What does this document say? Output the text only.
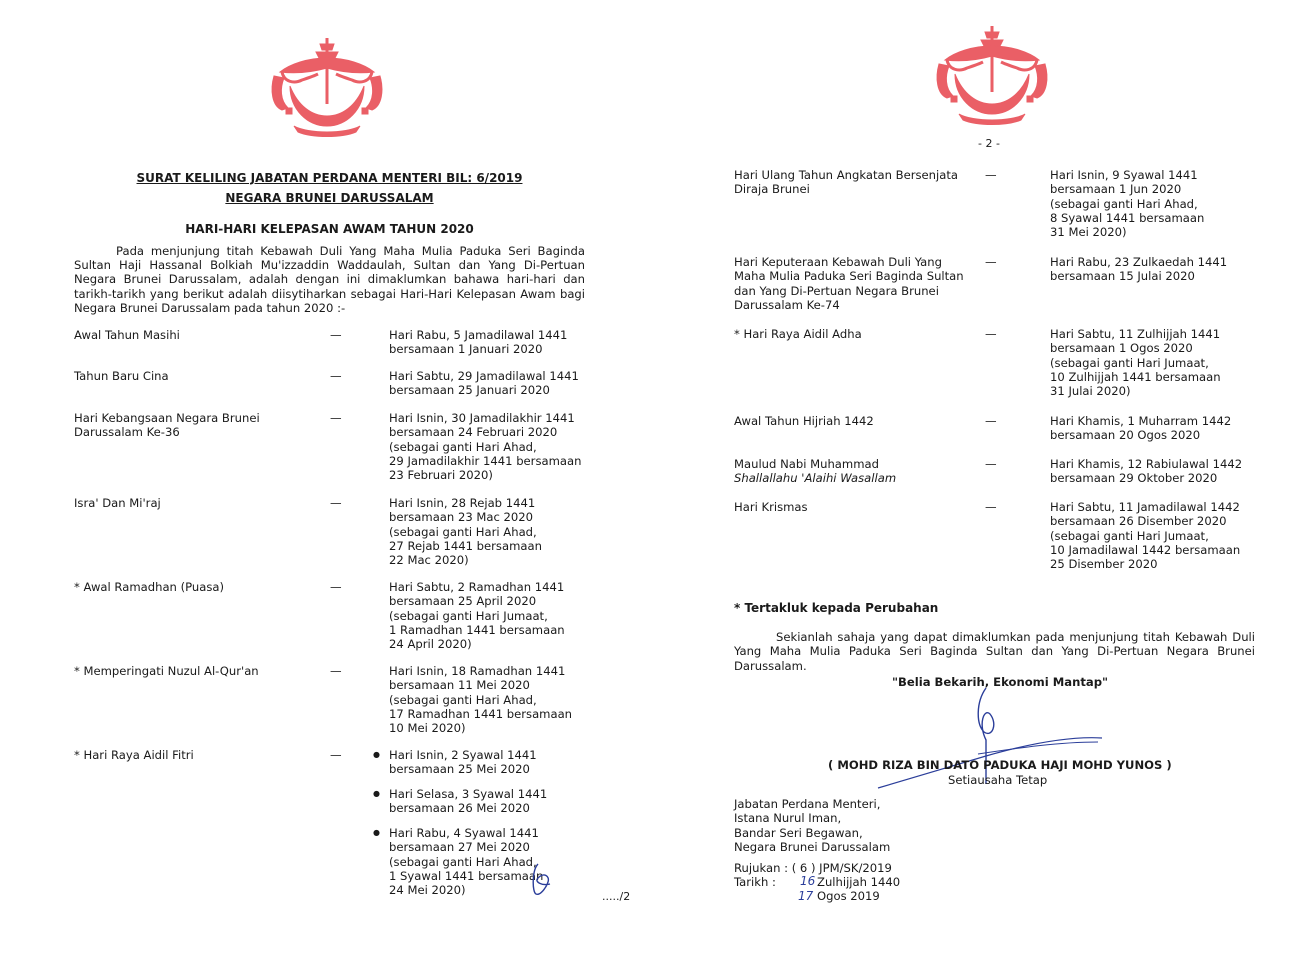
SURAT KELILING JABATAN PERDANA MENTERI BIL: 6/2019
NEGARA BRUNEI DARUSSALAM
HARI-HARI KELEPASAN AWAM TAHUN 2020
Pada menjunjung titah Kebawah Duli Yang Maha Mulia Paduka Seri Baginda Sultan Haji Hassanal Bolkiah Mu'izzaddin Waddaulah, Sultan dan Yang Di-Pertuan Negara Brunei Darussalam, adalah dengan ini dimaklumkan bahawa hari-hari dan tarikh-tarikh yang berikut adalah diisytiharkan sebagai Hari-Hari Kelepasan Awam bagi Negara Brunei Darussalam pada tahun 2020 :-
Awal Tahun Masihi	—	Hari Rabu, 5 Jamadilawal 1441
bersamaan 1 Januari 2020
Tahun Baru Cina	—	Hari Sabtu, 29 Jamadilawal 1441
bersamaan 25 Januari 2020
Hari Kebangsaan Negara Brunei
Darussalam Ke-36
—	Hari Isnin, 30 Jamadilakhir 1441
bersamaan 24 Februari 2020
(sebagai ganti Hari Ahad,
29 Jamadilakhir 1441 bersamaan
23 Februari 2020)
Isra' Dan Mi'raj	—	Hari Isnin, 28 Rejab 1441
bersamaan 23 Mac 2020
(sebagai ganti Hari Ahad,
27 Rejab 1441 bersamaan
22 Mac 2020)
* Awal Ramadhan (Puasa)	—	Hari Sabtu, 2 Ramadhan 1441
bersamaan 25 April 2020
(sebagai ganti Hari Jumaat,
1 Ramadhan 1441 bersamaan
24 April 2020)
* Memperingati Nuzul Al-Qur'an	—	Hari Isnin, 18 Ramadhan 1441
bersamaan 11 Mei 2020
(sebagai ganti Hari Ahad,
17 Ramadhan 1441 bersamaan
10 Mei 2020)
* Hari Raya Aidil Fitri	—
●	Hari Isnin, 2 Syawal 1441
bersamaan 25 Mei 2020
●
Hari Selasa, 3 Syawal 1441
bersamaan 26 Mei 2020
●
Hari Rabu, 4 Syawal 1441
bersamaan 27 Mei 2020
(sebagai ganti Hari Ahad,
1 Syawal 1441 bersamaan
24 Mei 2020)	...../2
- 2 -
Hari Ulang Tahun Angkatan Bersenjata
Diraja Brunei
—	Hari Isnin, 9 Syawal 1441
bersamaan 1 Jun 2020
(sebagai ganti Hari Ahad,
8 Syawal 1441 bersamaan
31 Mei 2020)
Hari Keputeraan Kebawah Duli Yang
Maha Mulia Paduka Seri Baginda Sultan
dan Yang Di-Pertuan Negara Brunei
Darussalam Ke-74
—	Hari Rabu, 23 Zulkaedah 1441
bersamaan 15 Julai 2020
* Hari Raya Aidil Adha	—	Hari Sabtu, 11 Zulhijjah 1441
bersamaan 1 Ogos 2020
(sebagai ganti Hari Jumaat,
10 Zulhijjah 1441 bersamaan
31 Julai 2020)
Awal Tahun Hijriah 1442	—	Hari Khamis, 1 Muharram 1442
bersamaan 20 Ogos 2020
Maulud Nabi Muhammad
Shallallahu 'Alaihi Wasallam
—	Hari Khamis, 12 Rabiulawal 1442
bersamaan 29 Oktober 2020
Hari Krismas	—	Hari Sabtu, 11 Jamadilawal 1442
bersamaan 26 Disember 2020
(sebagai ganti Hari Jumaat,
10 Jamadilawal 1442 bersamaan
25 Disember 2020
* Tertakluk kepada Perubahan
Sekianlah sahaja yang dapat dimaklumkan pada menjunjung titah Kebawah Duli Yang Maha Mulia Paduka Seri Baginda Sultan dan Yang Di-Pertuan Negara Brunei Darussalam.
"Belia Bekarih, Ekonomi Mantap"
( MOHD RIZA BIN DATO PADUKA HAJI MOHD YUNOS )
Setiausaha Tetap
Jabatan Perdana Menteri,
Istana Nurul Iman,
Bandar Seri Begawan,
Negara Brunei Darussalam
Rujukan : ( 6 ) JPM/SK/2019
Tarikh : 16 Zulhijjah 1440
17 Ogos 2019
